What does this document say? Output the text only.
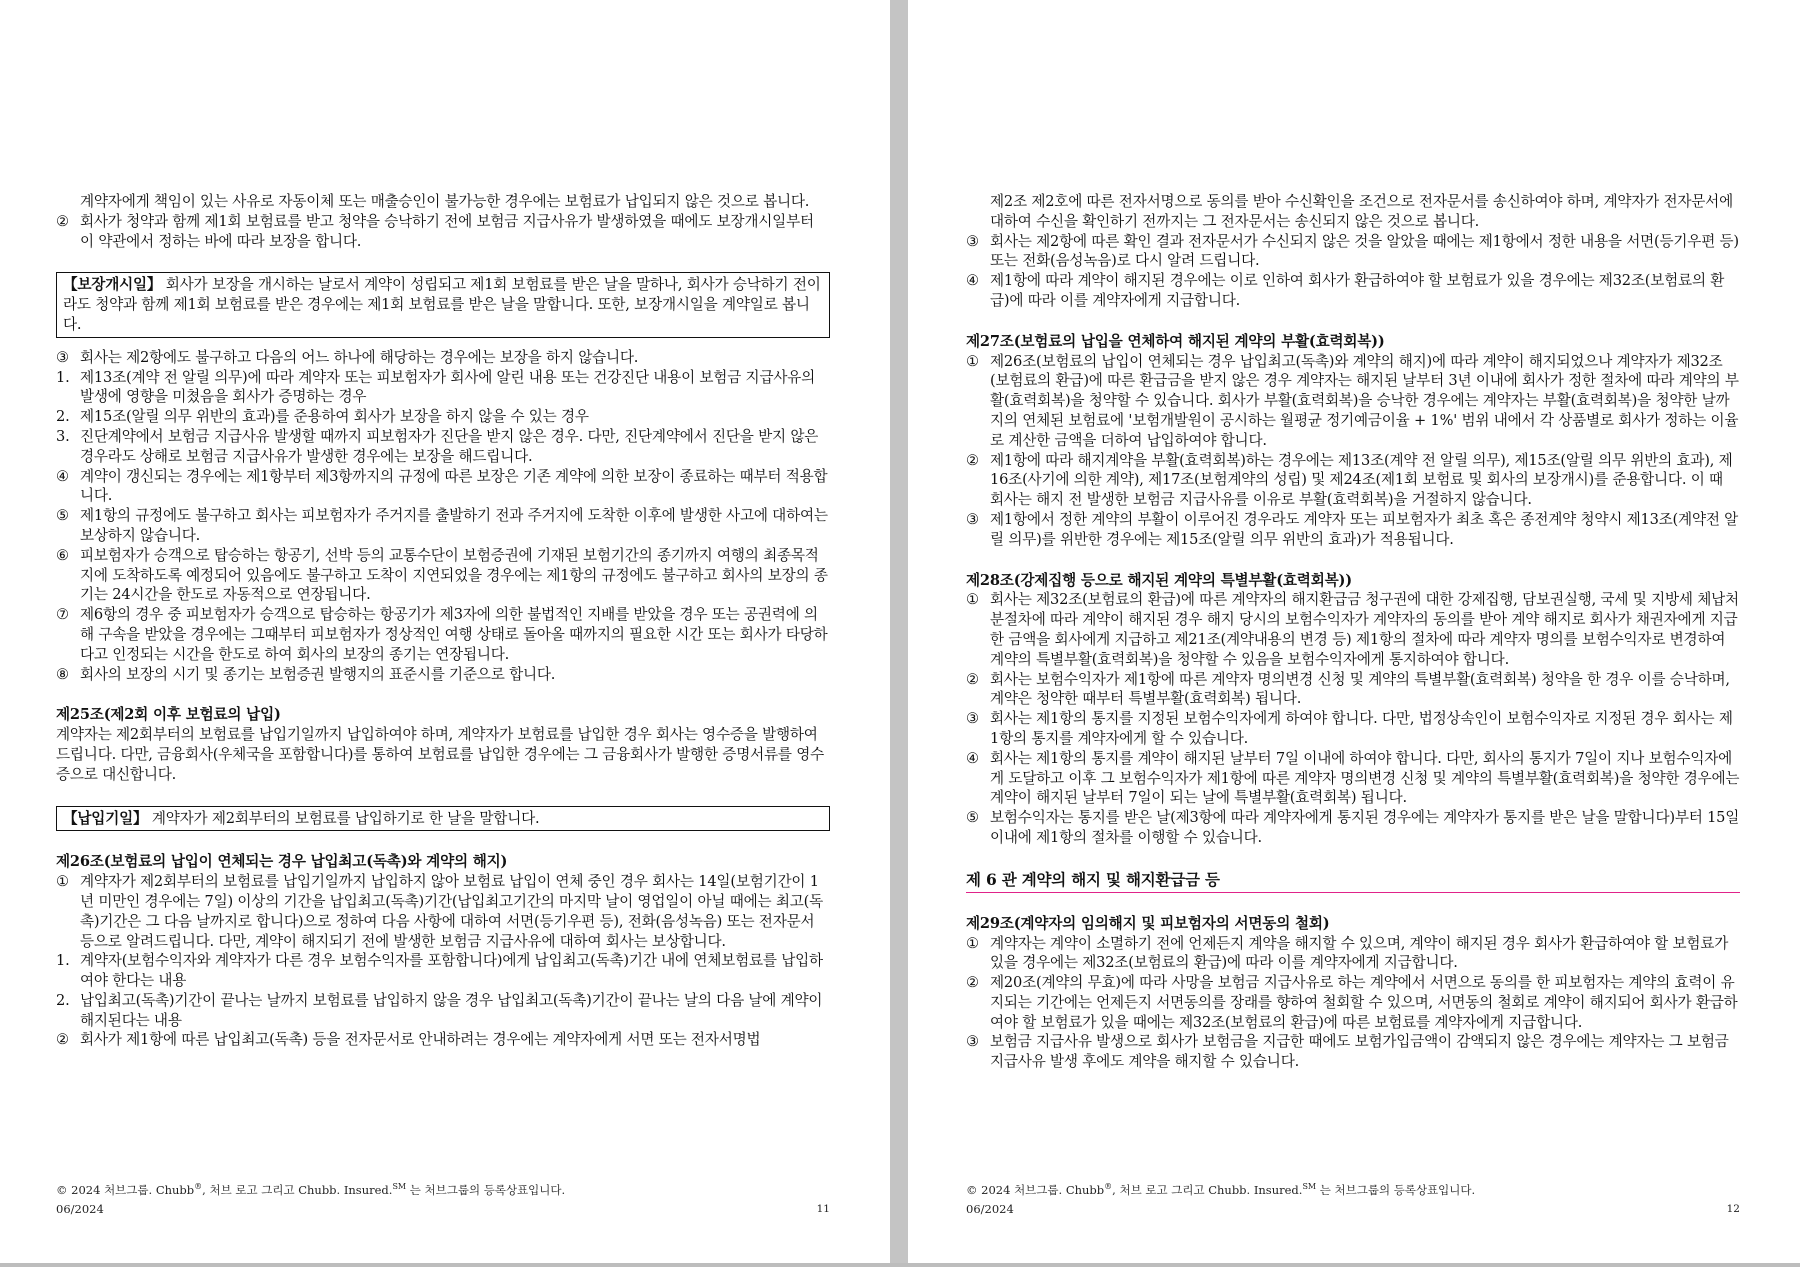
계약자에게 책임이 있는 사유로 자동이체 또는 매출승인이 불가능한 경우에는 보험료가 납입되지 않은 것으로 봅니다.

② 회사가 청약과 함께 제1회 보험료를 받고 청약을 승낙하기 전에 보험금 지급사유가 발생하였을 때에도 보장개시일부터 이 약관에서 정하는 바에 따라 보장을 합니다.
【보장개시일】 회사가 보장을 개시하는 날로서 계약이 성립되고 제1회 보험료를 받은 날을 말하나, 회사가 승낙하기 전이라도 청약과 함께 제1회 보험료를 받은 경우에는 제1회 보험료를 받은 날을 말합니다. 또한, 보장개시일을 계약일로 봅니다.
③ 회사는 제2항에도 불구하고 다음의 어느 하나에 해당하는 경우에는 보장을 하지 않습니다.
1. 제13조(계약 전 알릴 의무)에 따라 계약자 또는 피보험자가 회사에 알린 내용 또는 건강진단 내용이 보험금 지급사유의 발생에 영향을 미쳤음을 회사가 증명하는 경우
2. 제15조(알릴 의무 위반의 효과)를 준용하여 회사가 보장을 하지 않을 수 있는 경우
3. 진단계약에서 보험금 지급사유 발생할 때까지 피보험자가 진단을 받지 않은 경우. 다만, 진단계약에서 진단을 받지 않은 경우라도 상해로 보험금 지급사유가 발생한 경우에는 보장을 해드립니다.
④ 계약이 갱신되는 경우에는 제1항부터 제3항까지의 규정에 따른 보장은 기존 계약에 의한 보장이 종료하는 때부터 적용합니다.
⑤ 제1항의 규정에도 불구하고 회사는 피보험자가 주거지를 출발하기 전과 주거지에 도착한 이후에 발생한 사고에 대하여는 보상하지 않습니다.
⑥ 피보험자가 승객으로 탑승하는 항공기, 선박 등의 교통수단이 보험증권에 기재된 보험기간의 종기까지 여행의 최종목적지에 도착하도록 예정되어 있음에도 불구하고 도착이 지연되었을 경우에는 제1항의 규정에도 불구하고 회사의 보장의 종기는 24시간을 한도로 자동적으로 연장됩니다.
⑦ 제6항의 경우 중 피보험자가 승객으로 탑승하는 항공기가 제3자에 의한 불법적인 지배를 받았을 경우 또는 공권력에 의해 구속을 받았을 경우에는 그때부터 피보험자가 정상적인 여행 상태로 돌아올 때까지의 필요한 시간 또는 회사가 타당하다고 인정되는 시간을 한도로 하여 회사의 보장의 종기는 연장됩니다.
⑧ 회사의 보장의 시기 및 종기는 보험증권 발행지의 표준시를 기준으로 합니다.
제25조(제2회 이후 보험료의 납입)

계약자는 제2회부터의 보험료를 납입기일까지 납입하여야 하며, 계약자가 보험료를 납입한 경우 회사는 영수증을 발행하여 드립니다. 다만, 금융회사(우체국을 포함합니다)를 통하여 보험료를 납입한 경우에는 그 금융회사가 발행한 증명서류를 영수증으로 대신합니다.

【납입기일】 계약자가 제2회부터의 보험료를 납입하기로 한 날을 말합니다.
제26조(보험료의 납입이 연체되는 경우 납입최고(독촉)와 계약의 해지)
① 계약자가 제2회부터의 보험료를 납입기일까지 납입하지 않아 보험료 납입이 연체 중인 경우 회사는 14일(보험기간이 1년 미만인 경우에는 7일) 이상의 기간을 납입최고(독촉)기간(납입최고기간의 마지막 날이 영업일이 아닐 때에는 최고(독촉)기간은 그 다음 날까지로 합니다)으로 정하여 다음 사항에 대하여 서면(등기우편 등), 전화(음성녹음) 또는 전자문서 등으로 알려드립니다. 다만, 계약이 해지되기 전에 발생한 보험금 지급사유에 대하여 회사는 보상합니다.
1. 계약자(보험수익자와 계약자가 다른 경우 보험수익자를 포함합니다)에게 납입최고(독촉)기간 내에 연체보험료를 납입하여야 한다는 내용
2. 납입최고(독촉)기간이 끝나는 날까지 보험료를 납입하지 않을 경우 납입최고(독촉)기간이 끝나는 날의 다음 날에 계약이 해지된다는 내용
② 회사가 제1항에 따른 납입최고(독촉) 등을 전자문서로 안내하려는 경우에는 계약자에게 서면 또는 전자서명법
© 2024 처브그룹. Chubb®, 처브 로고 그리고 Chubb. Insured.℠ 는 처브그룹의 등록상표입니다.
06/2024	11

제2조 제2호에 따른 전자서명으로 동의를 받아 수신확인을 조건으로 전자문서를 송신하여야 하며, 계약자가 전자문서에 대하여 수신을 확인하기 전까지는 그 전자문서는 송신되지 않은 것으로 봅니다.

③ 회사는 제2항에 따른 확인 결과 전자문서가 수신되지 않은 것을 알았을 때에는 제1항에서 정한 내용을 서면(등기우편 등) 또는 전화(음성녹음)로 다시 알려 드립니다.
④ 제1항에 따라 계약이 해지된 경우에는 이로 인하여 회사가 환급하여야 할 보험료가 있을 경우에는 제32조(보험료의 환급)에 따라 이를 계약자에게 지급합니다.
제27조(보험료의 납입을 연체하여 해지된 계약의 부활(효력회복))
① 제26조(보험료의 납입이 연체되는 경우 납입최고(독촉)와 계약의 해지)에 따라 계약이 해지되었으나 계약자가 제32조(보험료의 환급)에 따른 환급금을 받지 않은 경우 계약자는 해지된 날부터 3년 이내에 회사가 정한 절차에 따라 계약의 부활(효력회복)을 청약할 수 있습니다. 회사가 부활(효력회복)을 승낙한 경우에는 계약자는 부활(효력회복)을 청약한 날까지의 연체된 보험료에 '보험개발원이 공시하는 월평균 정기예금이율 + 1%' 범위 내에서 각 상품별로 회사가 정하는 이율로 계산한 금액을 더하여 납입하여야 합니다.
② 제1항에 따라 해지계약을 부활(효력회복)하는 경우에는 제13조(계약 전 알릴 의무), 제15조(알릴 의무 위반의 효과), 제16조(사기에 의한 계약), 제17조(보험계약의 성립) 및 제24조(제1회 보험료 및 회사의 보장개시)를 준용합니다. 이 때 회사는 해지 전 발생한 보험금 지급사유를 이유로 부활(효력회복)을 거절하지 않습니다.
③ 제1항에서 정한 계약의 부활이 이루어진 경우라도 계약자 또는 피보험자가 최초 혹은 종전계약 청약시 제13조(계약전 알릴 의무)를 위반한 경우에는 제15조(알릴 의무 위반의 효과)가 적용됩니다.
제28조(강제집행 등으로 해지된 계약의 특별부활(효력회복))
① 회사는 제32조(보험료의 환급)에 따른 계약자의 해지환급금 청구권에 대한 강제집행, 담보권실행, 국세 및 지방세 체납처분절차에 따라 계약이 해지된 경우 해지 당시의 보험수익자가 계약자의 동의를 받아 계약 해지로 회사가 채권자에게 지급한 금액을 회사에게 지급하고 제21조(계약내용의 변경 등) 제1항의 절차에 따라 계약자 명의를 보험수익자로 변경하여 계약의 특별부활(효력회복)을 청약할 수 있음을 보험수익자에게 통지하여야 합니다.
② 회사는 보험수익자가 제1항에 따른 계약자 명의변경 신청 및 계약의 특별부활(효력회복) 청약을 한 경우 이를 승낙하며, 계약은 청약한 때부터 특별부활(효력회복) 됩니다.
③ 회사는 제1항의 통지를 지정된 보험수익자에게 하여야 합니다. 다만, 법정상속인이 보험수익자로 지정된 경우 회사는 제1항의 통지를 계약자에게 할 수 있습니다.
④ 회사는 제1항의 통지를 계약이 해지된 날부터 7일 이내에 하여야 합니다. 다만, 회사의 통지가 7일이 지나 보험수익자에게 도달하고 이후 그 보험수익자가 제1항에 따른 계약자 명의변경 신청 및 계약의 특별부활(효력회복)을 청약한 경우에는 계약이 해지된 날부터 7일이 되는 날에 특별부활(효력회복) 됩니다.
⑤ 보험수익자는 통지를 받은 날(제3항에 따라 계약자에게 통지된 경우에는 계약자가 통지를 받은 날을 말합니다)부터 15일 이내에 제1항의 절차를 이행할 수 있습니다.
제 6 관 계약의 해지 및 해지환급금 등
제29조(계약자의 임의해지 및 피보험자의 서면동의 철회)
① 계약자는 계약이 소멸하기 전에 언제든지 계약을 해지할 수 있으며, 계약이 해지된 경우 회사가 환급하여야 할 보험료가 있을 경우에는 제32조(보험료의 환급)에 따라 이를 계약자에게 지급합니다.
② 제20조(계약의 무효)에 따라 사망을 보험금 지급사유로 하는 계약에서 서면으로 동의를 한 피보험자는 계약의 효력이 유지되는 기간에는 언제든지 서면동의를 장래를 향하여 철회할 수 있으며, 서면동의 철회로 계약이 해지되어 회사가 환급하여야 할 보험료가 있을 때에는 제32조(보험료의 환급)에 따른 보험료를 계약자에게 지급합니다.
③ 보험금 지급사유 발생으로 회사가 보험금을 지급한 때에도 보험가입금액이 감액되지 않은 경우에는 계약자는 그 보험금 지급사유 발생 후에도 계약을 해지할 수 있습니다.
© 2024 처브그룹. Chubb®, 처브 로고 그리고 Chubb. Insured.℠ 는 처브그룹의 등록상표입니다.
06/2024	12
